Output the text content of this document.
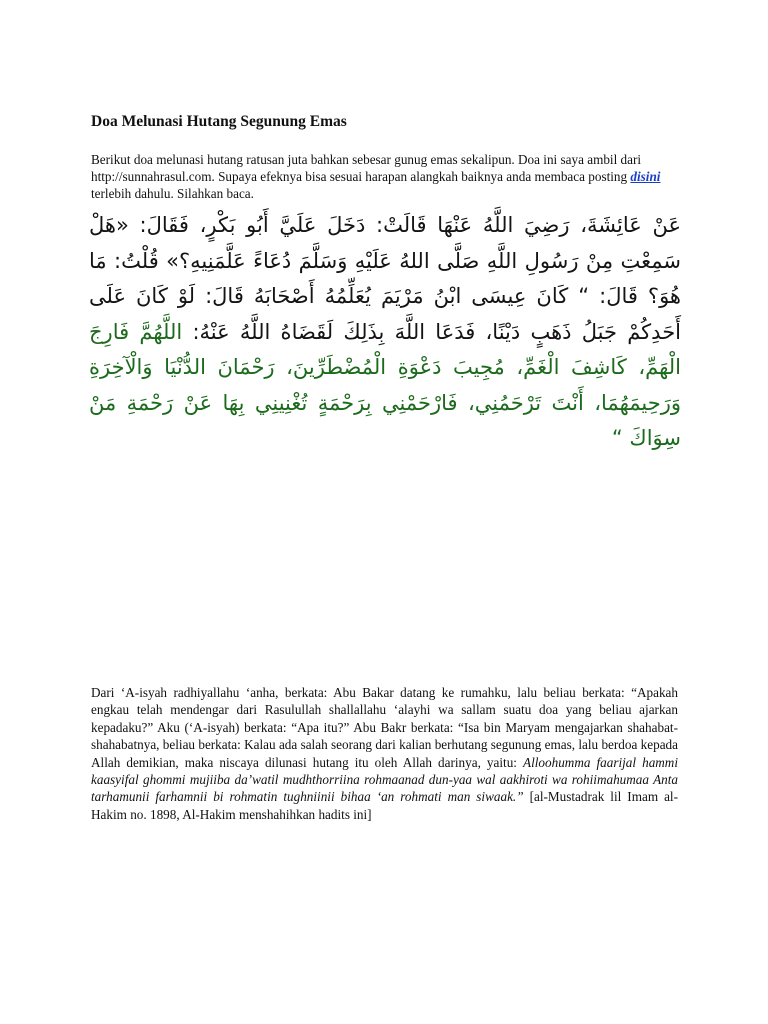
Doa Melunasi Hutang Segunung Emas

Berikut doa melunasi hutang ratusan juta bahkan sebesar gunug emas sekalipun. Doa ini saya ambil dari http://sunnahrasul.com. Supaya efeknya bisa sesuai harapan alangkah baiknya anda membaca posting disini terlebih dahulu. Silahkan baca.

عَنْ عَائِشَةَ، رَضِيَ اللَّهُ عَنْهَا قَالَتْ: دَخَلَ عَلَيَّ أَبُو بَكْرٍ، فَقَالَ: «هَلْ سَمِعْتِ مِنْ رَسُولِ اللَّهِ صَلَّى اللهُ عَلَيْهِ وَسَلَّمَ دُعَاءً عَلَّمَنِيهِ؟» قُلْتُ: مَا هُوَ؟ قَالَ: “ كَانَ عِيسَى ابْنُ مَرْيَمَ يُعَلِّمُهُ أَصْحَابَهُ قَالَ: لَوْ كَانَ عَلَى أَحَدِكُمْ جَبَلُ ذَهَبٍ دَيْنًا، فَدَعَا اللَّهَ بِذَلِكَ لَقَضَاهُ اللَّهُ عَنْهُ: اللَّهُمَّ فَارِجَ الْهَمِّ، كَاشِفَ الْغَمِّ، مُجِيبَ دَعْوَةِ الْمُضْطَرِّينَ، رَحْمَانَ الدُّنْيَا وَالْآخِرَةِ وَرَحِيمَهُمَا، أَنْتَ تَرْحَمُنِي، فَارْحَمْنِي بِرَحْمَةٍ تُغْنِينِي بِهَا عَنْ رَحْمَةِ مَنْ سِوَاكَ “

Dari ‘A-isyah radhiyallahu ‘anha, berkata: Abu Bakar datang ke rumahku, lalu beliau berkata: “Apakah engkau telah mendengar dari Rasulullah shallallahu ‘alayhi wa sallam suatu doa yang beliau ajarkan kepadaku?” Aku (‘A-isyah) berkata: “Apa itu?” Abu Bakr berkata: “Isa bin Maryam mengajarkan shahabat-shahabatnya, beliau berkata: Kalau ada salah seorang dari kalian berhutang segunung emas, lalu berdoa kepada Allah demikian, maka niscaya dilunasi hutang itu oleh Allah darinya, yaitu: Alloohumma faarijal hammi kaasyifal ghommi mujiiba da’watil mudhthorriina rohmaanad dun-yaa wal aakhiroti wa rohiimahumaa Anta tarhamunii farhamnii bi rohmatin tughniinii bihaa ‘an rohmati man siwaak.” [al-Mustadrak lil Imam al-Hakim no. 1898, Al-Hakim menshahihkan hadits ini]
